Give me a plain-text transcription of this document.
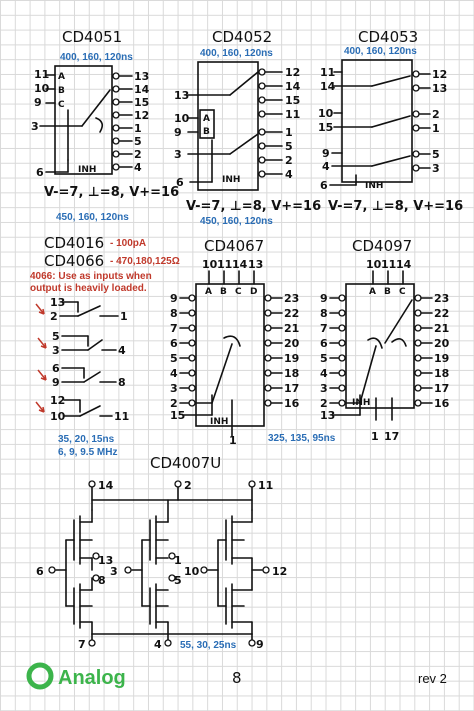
CD4051
400, 160, 120ns
11
10
9
A
B
C
3
6	INH
13
14
15
12
1
5
2
4
V-=7, ⊥=8, V+=16
450, 160, 120ns
CD4052
400, 160, 120ns
13
10
9
A
B
3
6	INH
12
14
15
11
1
5
2
4
V-=7, ⊥=8, V+=16
450, 160, 120ns
CD4053
400, 160, 120ns
11
14
10
15
9
4
6	INH
12
13
2
1
5
3
V-=7, ⊥=8, V+=16
CD4016 - 100pA
CD4066 - 470,180,125Ω
4066: Use as inputs when
output is heavily loaded.
13
2	1
5
3	4
6
9	8
12
10	11
35, 20, 15ns
6, 9, 9.5 MHz
CD4067
10 11 14 13
A B C D
9
8
7
6
5
4
3
2
15	INH
1
23
22
21
20
19
18
17
16
325, 135, 95ns
CD4097
10 11 14
A B C
9
8
7
6
5
4
3
2
13
INH
1 17
23
22
21
20
19
18
17
16
CD4007U
14	2	11
13
8
6
1
5
3	12
10
7	4	9
55, 30, 25ns
Analog	8	rev 2
